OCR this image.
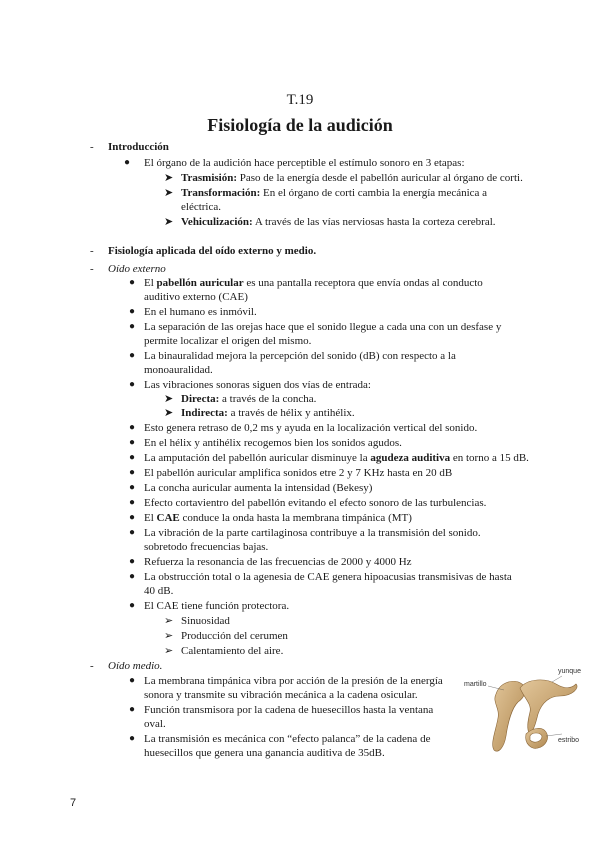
T.19
Fisiología de la audición
- Introducción
● El órgano de la audición hace perceptible el estímulo sonoro en 3 etapas:
➤ Trasmisión: Paso de la energía desde el pabellón auricular al órgano de corti.
➤ Transformación: En el órgano de corti cambia la energía mecánica a
eléctrica.
➤ Vehiculización: A través de las vías nerviosas hasta la corteza cerebral.
- Fisiología aplicada del oído externo y medio.
- Oído externo
● El pabellón auricular es una pantalla receptora que envía ondas al conducto
auditivo externo (CAE)
● En el humano es inmóvil.
● La separación de las orejas hace que el sonido llegue a cada una con un desfase y
permite localizar el origen del mismo.
● La binauralidad mejora la percepción del sonido (dB) con respecto a la
monoauralidad.
● Las vibraciones sonoras siguen dos vías de entrada:
➤ Directa: a través de la concha.
➤ Indirecta: a través de hélix y antihélix.
● Esto genera retraso de 0,2 ms y ayuda en la localización vertical del sonido.
● En el hélix y antihélix recogemos bien los sonidos agudos.
● La amputación del pabellón auricular disminuye la agudeza auditiva en torno a 15 dB.
● El pabellón auricular amplifica sonidos etre 2 y 7 KHz hasta en 20 dB
● La concha auricular aumenta la intensidad (Bekesy)
● Efecto cortavientro del pabellón evitando el efecto sonoro de las turbulencias.
● El CAE conduce la onda hasta la membrana timpánica (MT)
● La vibración de la parte cartilaginosa contribuye a la transmisión del sonido.
sobretodo frecuencias bajas.
● Refuerza la resonancia de las frecuencias de 2000 y 4000 Hz
● La obstrucción total o la agenesia de CAE genera hipoacusias transmisivas de hasta
40 dB.
● El CAE tiene función protectora.
➢ Sinuosidad
➢ Producción del cerumen
➢ Calentamiento del aire.
- Oído medio.
● La membrana timpánica vibra por acción de la presión de la energía
sonora y transmite su vibración mecánica a la cadena osicular.
● Función transmisora por la cadena de huesecillos hasta la ventana
oval.
● La transmisión es mecánica con “efecto palanca” de la cadena de
huesecillos que genera una ganancia auditiva de 35dB.
martillo
yunque
estribo
7
